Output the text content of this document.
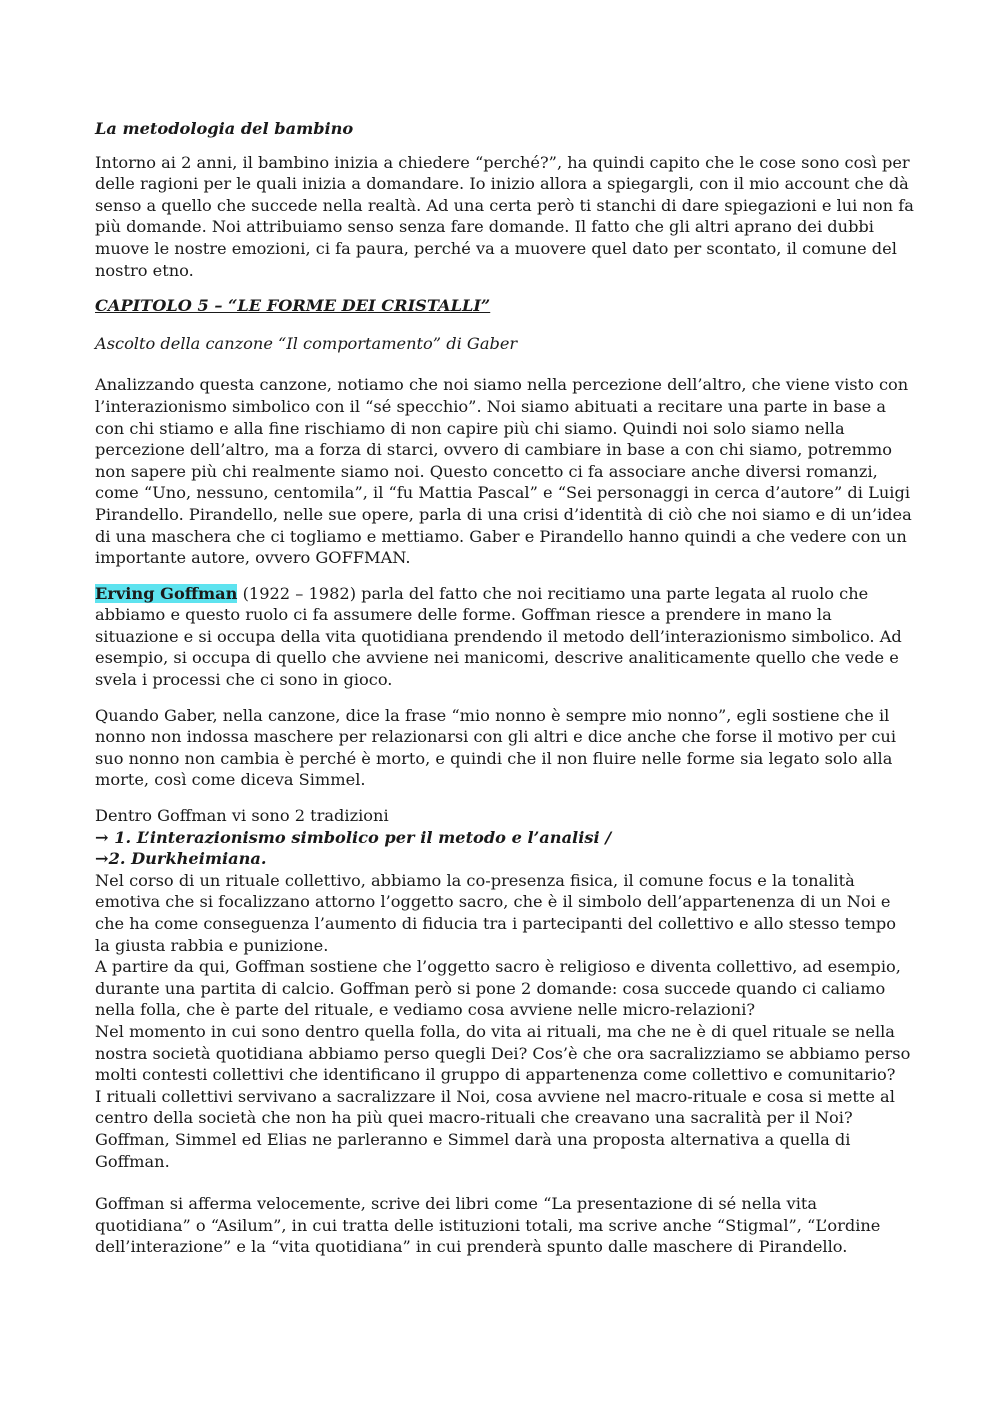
La metodologia del bambino

Intorno ai 2 anni, il bambino inizia a chiedere “perché?”, ha quindi capito che le cose sono così per delle ragioni per le quali inizia a domandare. Io inizio allora a spiegargli, con il mio account che dà senso a quello che succede nella realtà. Ad una certa però ti stanchi di dare spiegazioni e lui non fa più domande. Noi attribuiamo senso senza fare domande. Il fatto che gli altri aprano dei dubbi muove le nostre emozioni, ci fa paura, perché va a muovere quel dato per scontato, il comune del nostro etno.

CAPITOLO 5 – “LE FORME DEI CRISTALLI”

Ascolto della canzone “Il comportamento” di Gaber

Analizzando questa canzone, notiamo che noi siamo nella percezione dell’altro, che viene visto con l’interazionismo simbolico con il “sé specchio”. Noi siamo abituati a recitare una parte in base a con chi stiamo e alla fine rischiamo di non capire più chi siamo. Quindi noi solo siamo nella percezione dell’altro, ma a forza di starci, ovvero di cambiare in base a con chi siamo, potremmo non sapere più chi realmente siamo noi. Questo concetto ci fa associare anche diversi romanzi, come “Uno, nessuno, centomila”, il “fu Mattia Pascal” e “Sei personaggi in cerca d’autore” di Luigi Pirandello. Pirandello, nelle sue opere, parla di una crisi d’identità di ciò che noi siamo e di un’idea di una maschera che ci togliamo e mettiamo. Gaber e Pirandello hanno quindi a che vedere con un importante autore, ovvero GOFFMAN.

Erving Goffman (1922 – 1982) parla del fatto che noi recitiamo una parte legata al ruolo che abbiamo e questo ruolo ci fa assumere delle forme. Goffman riesce a prendere in mano la situazione e si occupa della vita quotidiana prendendo il metodo dell’interazionismo simbolico. Ad esempio, si occupa di quello che avviene nei manicomi, descrive analiticamente quello che vede e svela i processi che ci sono in gioco.

Quando Gaber, nella canzone, dice la frase “mio nonno è sempre mio nonno”, egli sostiene che il nonno non indossa maschere per relazionarsi con gli altri e dice anche che forse il motivo per cui suo nonno non cambia è perché è morto, e quindi che il non fluire nelle forme sia legato solo alla morte, così come diceva Simmel.

Dentro Goffman vi sono 2 tradizioni

→ 1. L’interazionismo simbolico per il metodo e l’analisi /

→2. Durkheimiana.

Nel corso di un rituale collettivo, abbiamo la co-presenza fisica, il comune focus e la tonalità emotiva che si focalizzano attorno l’oggetto sacro, che è il simbolo dell’appartenenza di un Noi e che ha come conseguenza l’aumento di fiducia tra i partecipanti del collettivo e allo stesso tempo la giusta rabbia e punizione.

A partire da qui, Goffman sostiene che l’oggetto sacro è religioso e diventa collettivo, ad esempio, durante una partita di calcio. Goffman però si pone 2 domande: cosa succede quando ci caliamo nella folla, che è parte del rituale, e vediamo cosa avviene nelle micro-relazioni?

Nel momento in cui sono dentro quella folla, do vita ai rituali, ma che ne è di quel rituale se nella nostra società quotidiana abbiamo perso quegli Dei? Cos’è che ora sacralizziamo se abbiamo perso molti contesti collettivi che identificano il gruppo di appartenenza come collettivo e comunitario?

I rituali collettivi servivano a sacralizzare il Noi, cosa avviene nel macro-rituale e cosa si mette al centro della società che non ha più quei macro-rituali che creavano una sacralità per il Noi?

Goffman, Simmel ed Elias ne parleranno e Simmel darà una proposta alternativa a quella di Goffman.

Goffman si afferma velocemente, scrive dei libri come “La presentazione di sé nella vita quotidiana” o “Asilum”, in cui tratta delle istituzioni totali, ma scrive anche “Stigmal”, “L’ordine dell’interazione” e la “vita quotidiana” in cui prenderà spunto dalle maschere di Pirandello.
